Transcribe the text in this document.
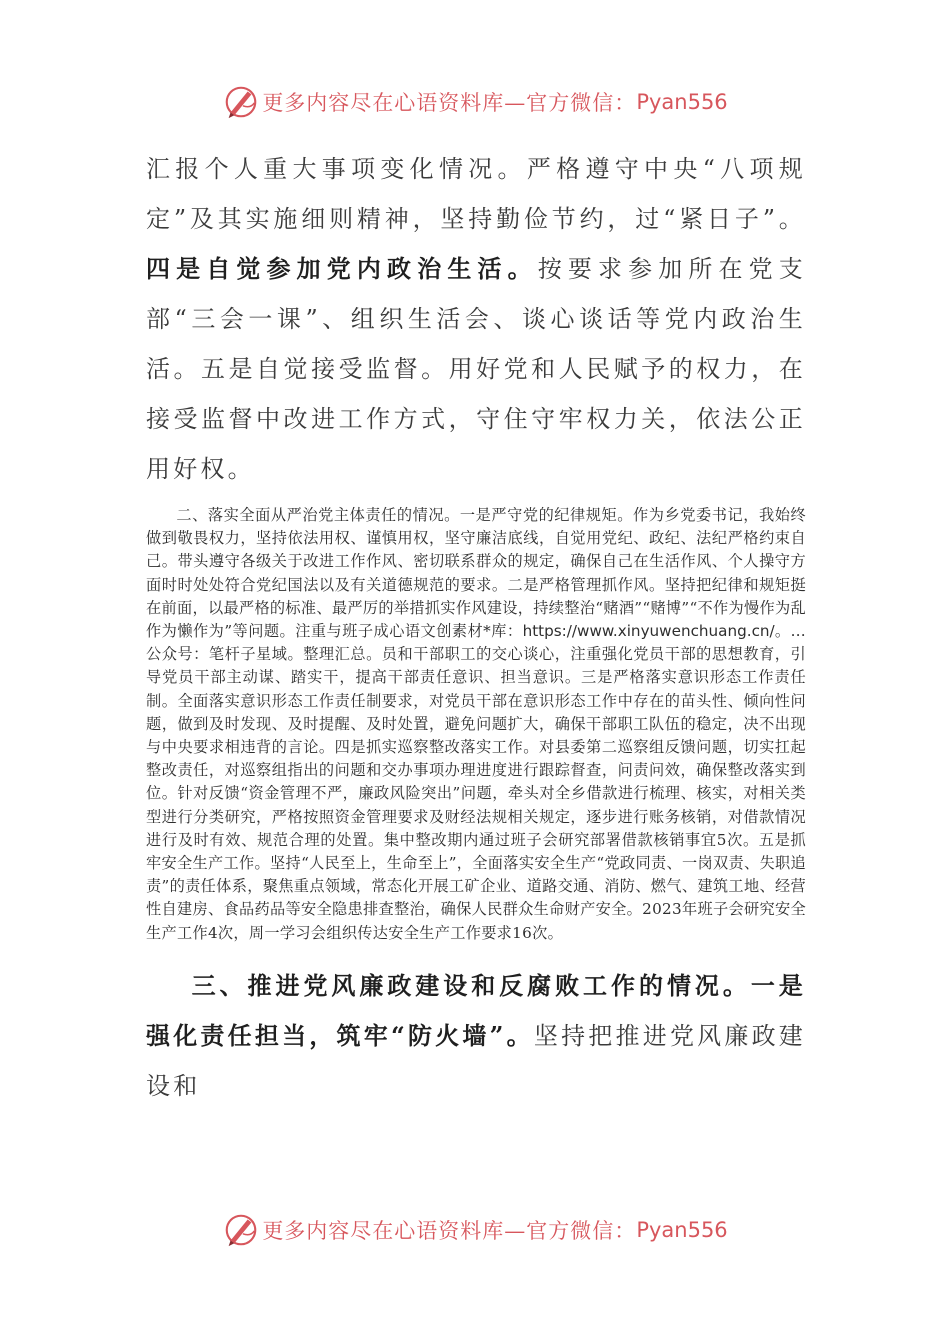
更多内容尽在心语资料库—官方微信： Pyan556

汇报个人重大事项变化情况。严格遵守中央“八项规定”及其实施细则精神，坚持勤俭节约，过“紧日子”。四是自觉参加党内政治生活。按要求参加所在党支部“三会一课”、组织生活会、谈心谈话等党内政治生活。五是自觉接受监督。用好党和人民赋予的权力，在接受监督中改进工作方式，守住守牢权力关，依法公正用好权。

二、落实全面从严治党主体责任的情况。一是严守党的纪律规矩。作为乡党委书记，我始终做到敬畏权力，坚持依法用权、谨慎用权，坚守廉洁底线，自觉用党纪、政纪、法纪严格约束自己。带头遵守各级关于改进工作作风、密切联系群众的规定，确保自己在生活作风、个人操守方面时时处处符合党纪国法以及有关道德规范的要求。二是严格管理抓作风。坚持把纪律和规矩挺在前面，以最严格的标准、最严厉的举措抓实作风建设，持续整治“赌酒”“赌博”“不作为慢作为乱作为懒作为”等问题。注重与班子成心语文创素材*库：https://www.xinyuwenchuang.cn/。…公众号：笔杆子星域。整理汇总。员和干部职工的交心谈心，注重强化党员干部的思想教育，引导党员干部主动谋、踏实干，提高干部责任意识、担当意识。三是严格落实意识形态工作责任制。全面落实意识形态工作责任制要求，对党员干部在意识形态工作中存在的苗头性、倾向性问题，做到及时发现、及时提醒、及时处置，避免问题扩大，确保干部职工队伍的稳定，决不出现与中央要求相违背的言论。四是抓实巡察整改落实工作。对县委第二巡察组反馈问题，切实扛起整改责任，对巡察组指出的问题和交办事项办理进度进行跟踪督查，问责问效，确保整改落实到位。针对反馈“资金管理不严，廉政风险突出”问题，牵头对全乡借款进行梳理、核实，对相关类型进行分类研究，严格按照资金管理要求及财经法规相关规定，逐步进行账务核销，对借款情况进行及时有效、规范合理的处置。集中整改期内通过班子会研究部署借款核销事宜5次。五是抓牢安全生产工作。坚持“人民至上，生命至上”，全面落实安全生产“党政同责、一岗双责、失职追责”的责任体系，聚焦重点领域，常态化开展工矿企业、道路交通、消防、燃气、建筑工地、经营性自建房、食品药品等安全隐患排查整治，确保人民群众生命财产安全。2023年班子会研究安全生产工作4次，周一学习会组织传达安全生产工作要求16次。

三、推进党风廉政建设和反腐败工作的情况。一是强化责任担当，筑牢“防火墙”。坚持把推进党风廉政建设和

更多内容尽在心语资料库—官方微信： Pyan556
